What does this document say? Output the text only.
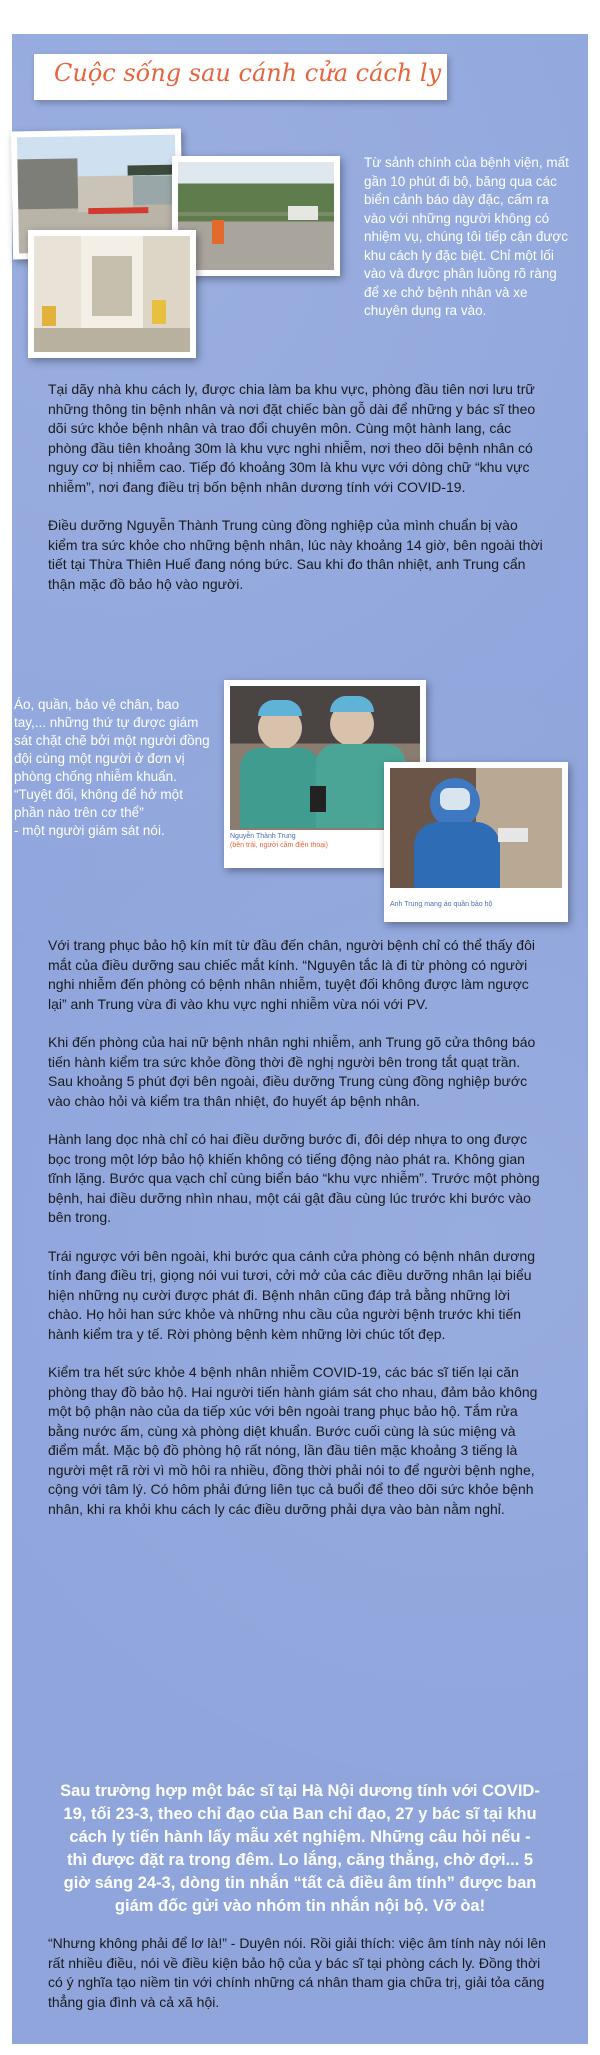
Cuộc sống sau cánh cửa cách ly
Từ sảnh chính của bệnh viện, mất gần 10 phút đi bộ, băng qua các biển cảnh báo dày đặc, cấm ra vào với những người không có nhiệm vụ, chúng tôi tiếp cận được khu cách ly đặc biệt. Chỉ một lối vào và được phân luồng rõ ràng để xe chở bệnh nhân và xe chuyên dụng ra vào.

Tại dãy nhà khu cách ly, được chia làm ba khu vực, phòng đầu tiên nơi lưu trữ những thông tin bệnh nhân và nơi đặt chiếc bàn gỗ dài để những y bác sĩ theo dõi sức khỏe bệnh nhân và trao đổi chuyên môn. Cùng một hành lang, các phòng đầu tiên khoảng 30m là khu vực nghi nhiễm, nơi theo dõi bệnh nhân có nguy cơ bị nhiễm cao. Tiếp đó khoảng 30m là khu vực với dòng chữ “khu vực nhiễm”, nơi đang điều trị bốn bệnh nhân dương tính với COVID-19.

Điều dưỡng Nguyễn Thành Trung cùng đồng nghiệp của mình chuẩn bị vào kiểm tra sức khỏe cho những bệnh nhân, lúc này khoảng 14 giờ, bên ngoài thời tiết tại Thừa Thiên Huế đang nóng bức. Sau khi đo thân nhiệt, anh Trung cẩn thận mặc đồ bảo hộ vào người.

Áo, quần, bảo vệ chân, bao tay,... những thứ tự được giám sát chặt chẽ bởi một người đồng đội cùng một người ở đơn vị phòng chống nhiễm khuẩn. “Tuyệt đối, không để hở một phần nào trên cơ thể”
- một người giám sát nói.	Nguyễn Thành Trung
(bên trái, người cầm điện thoại)
Anh Trung mang áo quần bảo hộ

Với trang phục bảo hộ kín mít từ đầu đến chân, người bệnh chỉ có thể thấy đôi mắt của điều dưỡng sau chiếc mắt kính. “Nguyên tắc là đi từ phòng có người nghi nhiễm đến phòng có bệnh nhân nhiễm, tuyệt đối không được làm ngược lại” anh Trung vừa đi vào khu vực nghi nhiễm vừa nói với PV.

Khi đến phòng của hai nữ bệnh nhân nghi nhiễm, anh Trung gõ cửa thông báo tiến hành kiểm tra sức khỏe đồng thời đề nghị người bên trong tắt quạt trần. Sau khoảng 5 phút đợi bên ngoài, điều dưỡng Trung cùng đồng nghiệp bước vào chào hỏi và kiểm tra thân nhiệt, đo huyết áp bệnh nhân.

Hành lang dọc nhà chỉ có hai điều dưỡng bước đi, đôi dép nhựa to ong được bọc trong một lớp bảo hộ khiến không có tiếng động nào phát ra. Không gian tĩnh lặng. Bước qua vạch chỉ cùng biển báo “khu vực nhiễm”. Trước một phòng bệnh, hai điều dưỡng nhìn nhau, một cái gật đầu cùng lúc trước khi bước vào bên trong.

Trái ngược với bên ngoài, khi bước qua cánh cửa phòng có bệnh nhân dương tính đang điều trị, giọng nói vui tươi, cởi mở của các điều dưỡng nhân lại biểu hiện những nụ cười được phát đi. Bệnh nhân cũng đáp trả bằng những lời chào. Họ hỏi han sức khỏe và những nhu cầu của người bệnh trước khi tiến hành kiểm tra y tế. Rời phòng bệnh kèm những lời chúc tốt đẹp.

Kiểm tra hết sức khỏe 4 bệnh nhân nhiễm COVID-19, các bác sĩ tiến lại căn phòng thay đồ bảo hộ. Hai người tiến hành giám sát cho nhau, đảm bảo không một bộ phận nào của da tiếp xúc với bên ngoài trang phục bảo hộ. Tắm rửa bằng nước ấm, cùng xà phòng diệt khuẩn. Bước cuối cùng là súc miệng và điểm mắt. Mặc bộ đồ phòng hộ rất nóng, lần đầu tiên mặc khoảng 3 tiếng là người mệt rã rời vì mồ hôi ra nhiều, đồng thời phải nói to để người bệnh nghe, cộng với tâm lý. Có hôm phải đứng liên tục cả buổi để theo dõi sức khỏe bệnh nhân, khi ra khỏi khu cách ly các điều dưỡng phải dựa vào bàn nằm nghỉ.

Sau trường hợp một bác sĩ tại Hà Nội dương tính với COVID-19, tối 23-3, theo chỉ đạo của Ban chỉ đạo, 27 y bác sĩ tại khu cách ly tiến hành lấy mẫu xét nghiệm. Những câu hỏi nếu - thì được đặt ra trong đêm. Lo lắng, căng thẳng, chờ đợi... 5 giờ sáng 24-3, dòng tin nhắn “tất cả điều âm tính” được ban giám đốc gửi vào nhóm tin nhắn nội bộ. Vỡ òa!
“Nhưng không phải để lơ là!” - Duyên nói. Rồi giải thích: việc âm tính này nói lên rất nhiều điều, nói về điều kiện bảo hộ của y bác sĩ tại phòng cách ly. Đồng thời có ý nghĩa tạo niềm tin với chính những cá nhân tham gia chữa trị, giải tỏa căng thẳng gia đình và cả xã hội.
